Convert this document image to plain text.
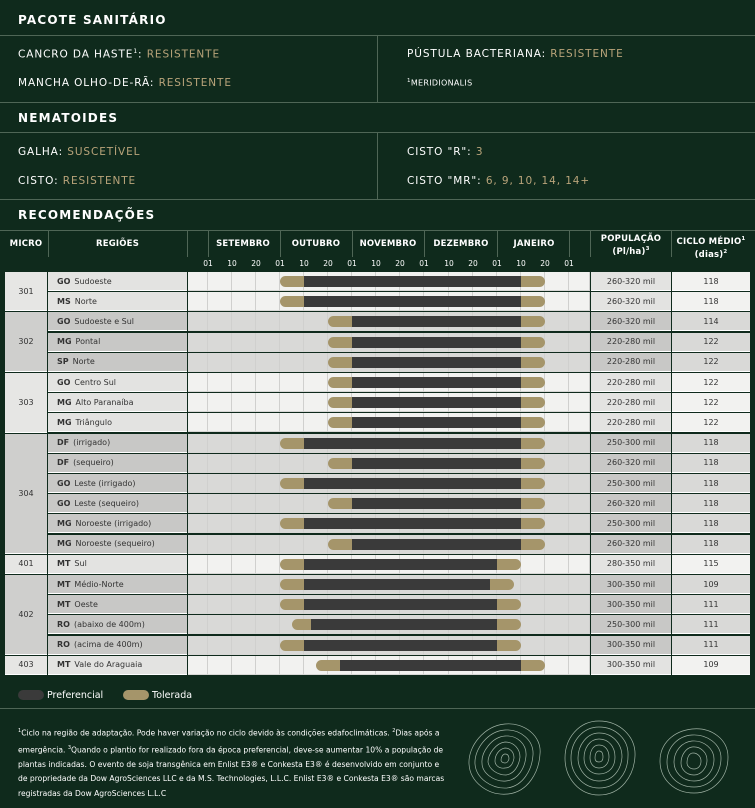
PACOTE SANITÁRIO
CANCRO DA HASTE$^1$: RESISTENTE	PÚSTULA BACTERIANA: RESISTENTE
MANCHA OLHO-DE-RÃ: RESISTENTE	$^1$MERIDIONALIS
NEMATOIDES
GALHA: SUSCETÍVEL	CISTO "R": 3
CISTO: RESISTENTE	CISTO "MR": 6, 9, 10, 14, 14+
RECOMENDAÇÕES
MICRO	REGIÕES	SETEMBRO	OUTUBRO	NOVEMBRO	DEZEMBRO	JANEIRO	POPULAÇÃO
$(Pl/ha)^3$
CICLO MÉDIO$^1$
(dias)$^2$
01	10	20	01	10	20	01	10	20	01	10	20	01	10	20	01
301
GO Sudoeste	260-320 mil	118
MS Norte	260-320 mil	118
302
GO Sudoeste e Sul	260-320 mil	114
MG Pontal	220-280 mil	122
SP Norte	220-280 mil	122
303
GO Centro Sul	220-280 mil	122
MG Alto Paranaíba	220-280 mil	122
MG Triângulo	220-280 mil	122
304
DF (irrigado)	250-300 mil	118
DF (sequeiro)	260-320 mil	118
GO Leste (irrigado)	250-300 mil	118
GO Leste (sequeiro)	260-320 mil	118
MG Noroeste (irrigado)	250-300 mil	118
MG Noroeste (sequeiro)	260-320 mil	118
401	MT Sul	280-350 mil	115
402
MT Médio-Norte	300-350 mil	109
MT Oeste	300-350 mil	111
RO (abaixo de 400m)	250-300 mil	111
RO (acima de 400m)	300-350 mil	111
403	MT Vale do Araguaia	300-350 mil	109
Preferencial	Tolerada

$^1$Ciclo na região de adaptação. Pode haver variação no ciclo devido às condições edafoclimáticas. $^2$Dias após a emergência. $^3$Quando o plantio for realizado fora da época preferencial, deve-se aumentar 10% a população de plantas indicadas. O evento de soja transgênica em Enlist E3® e Conkesta E3® é desenvolvido em conjunto e de propriedade da Dow AgroSciences LLC e da M.S. Technologies, L.L.C. Enlist E3® e Conkesta E3® são marcas registradas da Dow AgroSciences L.L.C
